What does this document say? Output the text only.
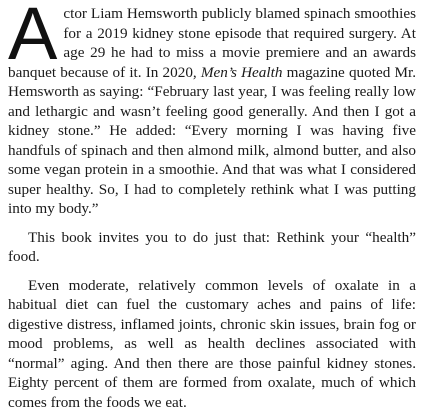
Actor Liam Hemsworth publicly blamed spinach smoothies for a 2019 kidney stone episode that required surgery. At age 29 he had to miss a movie premiere and an awards banquet because of it. In 2020, Men’s Health magazine quoted Mr. Hemsworth as saying: “February last year, I was feeling really low and lethargic and wasn’t feeling good generally. And then I got a kidney stone.” He added: “Every morning I was having five handfuls of spinach and then almond milk, almond butter, and also some vegan protein in a smoothie. And that was what I considered super healthy. So, I had to completely rethink what I was putting into my body.”

This book invites you to do just that: Rethink your “health” food.

Even moderate, relatively common levels of oxalate in a habitual diet can fuel the customary aches and pains of life: digestive distress, inflamed joints, chronic skin issues, brain fog or mood problems, as well as health declines associated with “normal” aging. And then there are those painful kidney stones. Eighty percent of them are formed from oxalate, much of which comes from the foods we eat.
